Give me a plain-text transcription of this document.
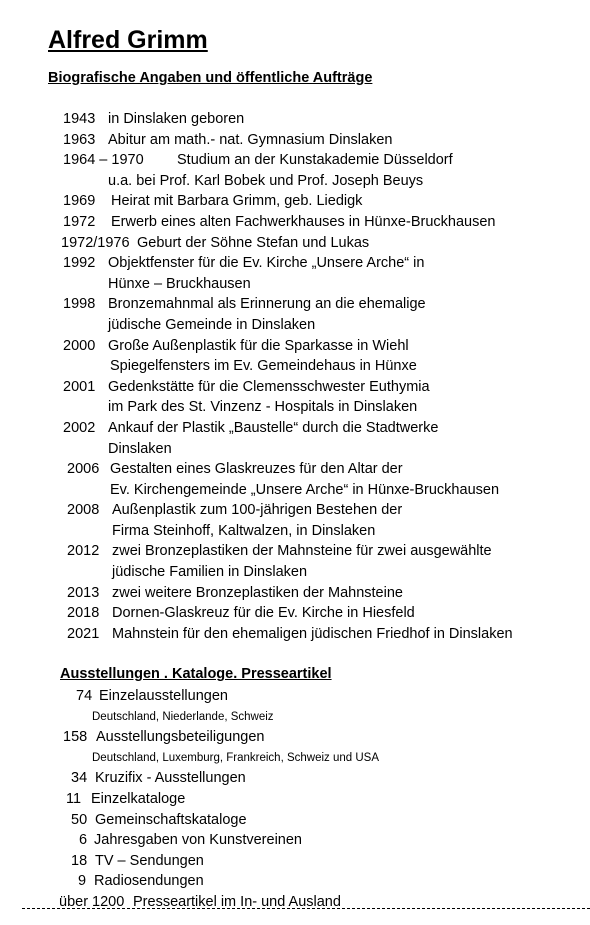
Alfred Grimm
Biografische Angaben und öffentliche Aufträge
1943 in Dinslaken geboren
1963 Abitur am math.- nat. Gymnasium Dinslaken
1964 – 1970 Studium an der Kunstakademie Düsseldorf
u.a. bei Prof. Karl Bobek und Prof. Joseph Beuys
1969 Heirat mit Barbara Grimm, geb. Liedigk
1972 Erwerb eines alten Fachwerkhauses in Hünxe-Bruckhausen
1972/1976 Geburt der Söhne Stefan und Lukas
1992 Objektfenster für die Ev. Kirche „Unsere Arche“ in
Hünxe – Bruckhausen
1998 Bronzemahnmal als Erinnerung an die ehemalige
jüdische Gemeinde in Dinslaken
2000 Große Außenplastik für die Sparkasse in Wiehl
Spiegelfensters im Ev. Gemeindehaus in Hünxe
2001 Gedenkstätte für die Clemensschwester Euthymia
im Park des St. Vinzenz - Hospitals in Dinslaken
2002 Ankauf der Plastik „Baustelle“ durch die Stadtwerke
Dinslaken
2006 Gestalten eines Glaskreuzes für den Altar der
Ev. Kirchengemeinde „Unsere Arche“ in Hünxe-Bruckhausen
2008 Außenplastik zum 100-jährigen Bestehen der
Firma Steinhoff, Kaltwalzen, in Dinslaken
2012 zwei Bronzeplastiken der Mahnsteine für zwei ausgewählte
jüdische Familien in Dinslaken
2013 zwei weitere Bronzeplastiken der Mahnsteine
2018 Dornen-Glaskreuz für die Ev. Kirche in Hiesfeld
2021 Mahnstein für den ehemaligen jüdischen Friedhof in Dinslaken
Ausstellungen . Kataloge. Presseartikel
74 Einzelausstellungen
Deutschland, Niederlande, Schweiz
158 Ausstellungsbeteiligungen
Deutschland, Luxemburg, Frankreich, Schweiz und USA
34 Kruzifix - Ausstellungen
11 Einzelkataloge
50 Gemeinschaftskataloge
6 Jahresgaben von Kunstvereinen
18 TV – Sendungen
9 Radiosendungen
über 1200 Presseartikel im In- und Ausland
